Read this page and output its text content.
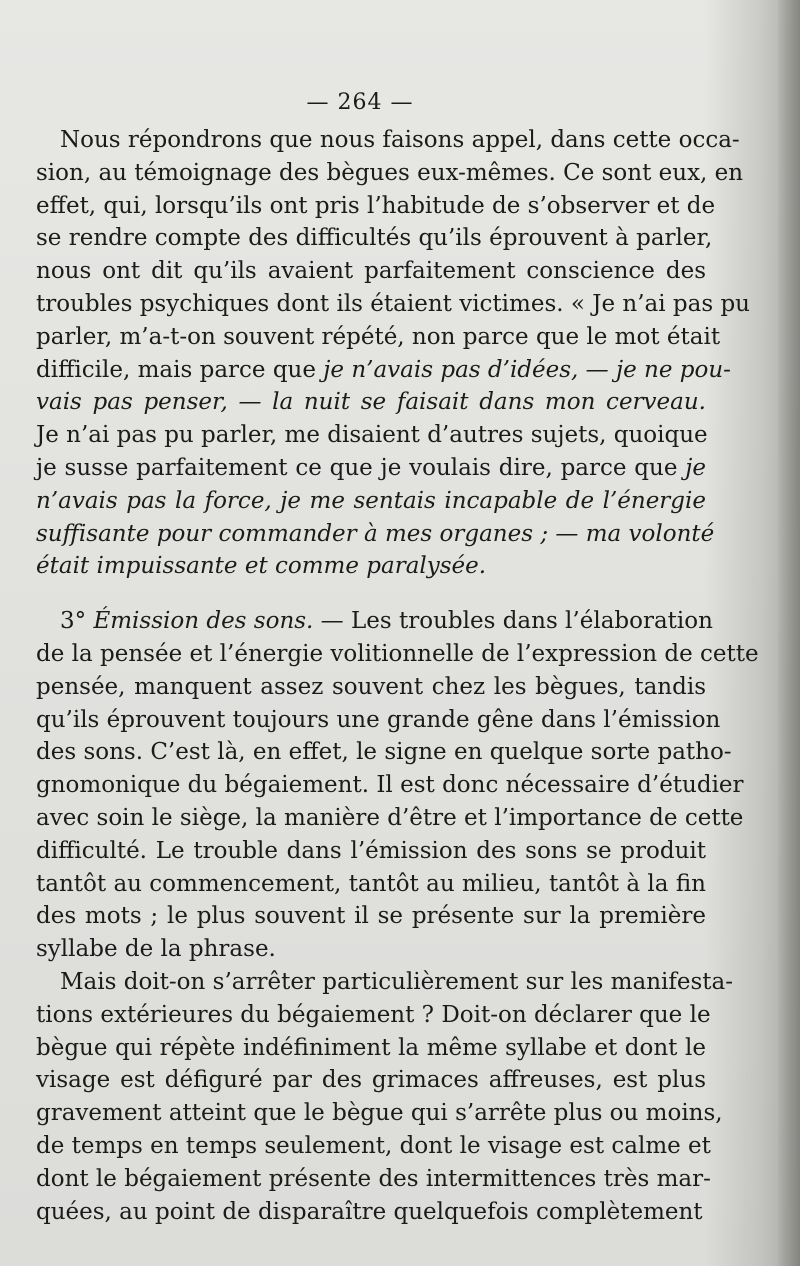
— 264 —
Nous répondrons que nous faisons appel, dans cette occa-
sion, au témoignage des bègues eux-mêmes. Ce sont eux, en
effet, qui, lorsqu’ils ont pris l’habitude de s’observer et de
se rendre compte des difficultés qu’ils éprouvent à parler,
nous ont dit qu’ils avaient parfaitement conscience des
troubles psychiques dont ils étaient victimes. « Je n’ai pas pu
parler, m’a-t-on souvent répété, non parce que le mot était
difficile, mais parce que je n’avais pas d’idées, — je ne pou-
vais pas penser, — la nuit se faisait dans mon cerveau.
Je n’ai pas pu parler, me disaient d’autres sujets, quoique
je susse parfaitement ce que je voulais dire, parce que je
n’avais pas la force, je me sentais incapable de l’énergie
suffisante pour commander à mes organes ; — ma volonté
était impuissante et comme paralysée.
3° Émission des sons. — Les troubles dans l’élaboration
de la pensée et l’énergie volitionnelle de l’expression de cette
pensée, manquent assez souvent chez les bègues, tandis
qu’ils éprouvent toujours une grande gêne dans l’émission
des sons. C’est là, en effet, le signe en quelque sorte patho-
gnomonique du bégaiement. Il est donc nécessaire d’étudier
avec soin le siège, la manière d’être et l’importance de cette
difficulté. Le trouble dans l’émission des sons se produit
tantôt au commencement, tantôt au milieu, tantôt à la fin
des mots ; le plus souvent il se présente sur la première
syllabe de la phrase.
Mais doit-on s’arrêter particulièrement sur les manifesta-
tions extérieures du bégaiement ? Doit-on déclarer que le
bègue qui répète indéfiniment la même syllabe et dont le
visage est défiguré par des grimaces affreuses, est plus
gravement atteint que le bègue qui s’arrête plus ou moins,
de temps en temps seulement, dont le visage est calme et
dont le bégaiement présente des intermittences très mar-
quées, au point de disparaître quelquefois complètement
